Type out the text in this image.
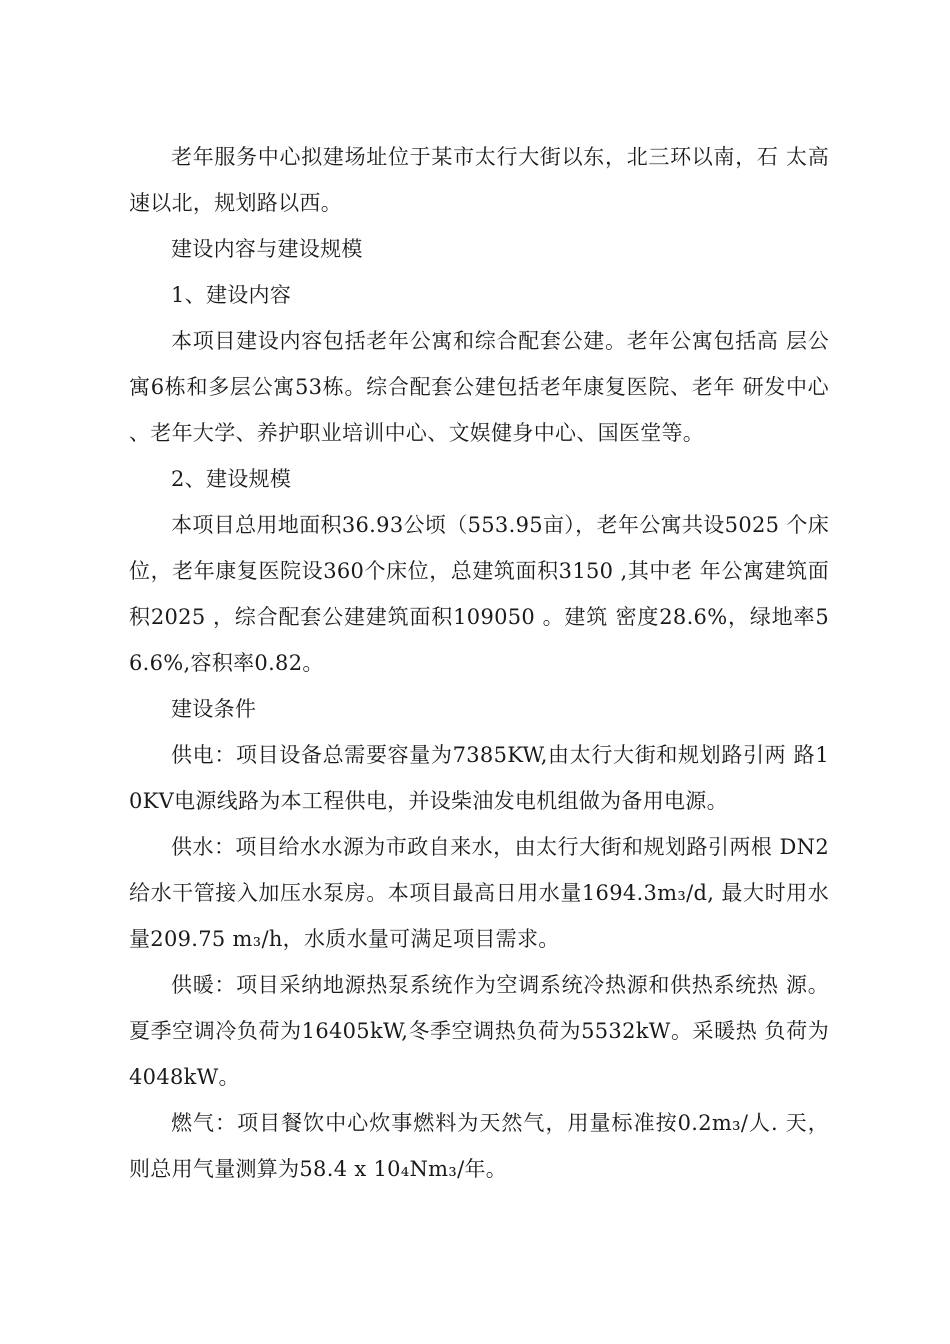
老年服务中心拟建场址位于某市太行大街以东，北三环以南，石 太高速以北，规划路以西。

建设内容与建设规模

1、建设内容

本项目建设内容包括老年公寓和综合配套公建。老年公寓包括高 层公寓6栋和多层公寓53栋。综合配套公建包括老年康复医院、老年 研发中心、老年大学、养护职业培训中心、文娱健身中心、国医堂等。

2、建设规模

本项目总用地面积36.93公顷（553.95亩），老年公寓共设5025 个床位，老年康复医院设360个床位，总建筑面积3150 ,其中老 年公寓建筑面积2025 ，综合配套公建建筑面积109050 。建筑 密度28.6%，绿地率56.6%,容积率0.82。

建设条件

供电：项目设备总需要容量为7385KW,由太行大街和规划路引两 路10KV电源线路为本工程供电，并设柴油发电机组做为备用电源。

供水：项目给水水源为市政自来水，由太行大街和规划路引两根 DN2给水干管接入加压水泵房。本项目最高日用水量1694.3m₃/d, 最大时用水量209.75 m₃/h，水质水量可满足项目需求。

供暖：项目采纳地源热泵系统作为空调系统冷热源和供热系统热 源。夏季空调冷负荷为16405kW,冬季空调热负荷为5532kW。采暖热 负荷为4048kW。

燃气：项目餐饮中心炊事燃料为天然气，用量标准按0.2m₃/人. 天，则总用气量测算为58.4 x 10₄Nm₃/年。
